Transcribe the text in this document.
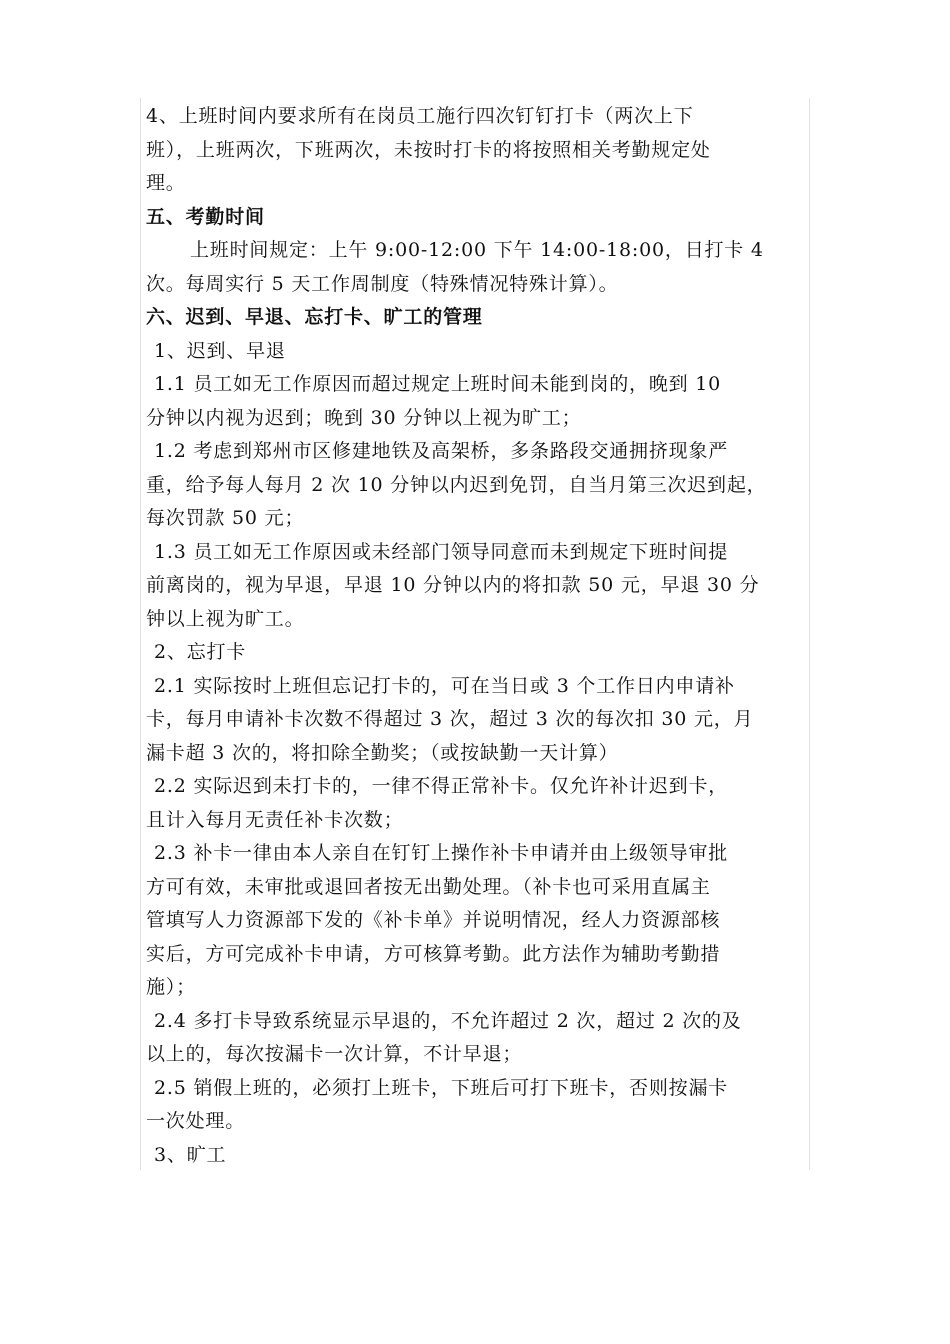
4、上班时间内要求所有在岗员工施行四次钉钉打卡（两次上下
班），上班两次，下班两次，未按时打卡的将按照相关考勤规定处
理。
五、考勤时间
上班时间规定：上午 9:00-12:00 下午 14:00-18:00，日打卡 4
次。每周实行 5 天工作周制度（特殊情况特殊计算）。
六、迟到、早退、忘打卡、旷工的管理
1、迟到、早退
1.1 员工如无工作原因而超过规定上班时间未能到岗的，晚到 10
分钟以内视为迟到；晚到 30 分钟以上视为旷工；
1.2 考虑到郑州市区修建地铁及高架桥，多条路段交通拥挤现象严
重，给予每人每月 2 次 10 分钟以内迟到免罚，自当月第三次迟到起，
每次罚款 50 元；
1.3 员工如无工作原因或未经部门领导同意而未到规定下班时间提
前离岗的，视为早退，早退 10 分钟以内的将扣款 50 元，早退 30 分
钟以上视为旷工。
2、忘打卡
2.1 实际按时上班但忘记打卡的，可在当日或 3 个工作日内申请补
卡，每月申请补卡次数不得超过 3 次，超过 3 次的每次扣 30 元，月
漏卡超 3 次的，将扣除全勤奖；（或按缺勤一天计算）
2.2 实际迟到未打卡的，一律不得正常补卡。仅允许补计迟到卡，
且计入每月无责任补卡次数；
2.3 补卡一律由本人亲自在钉钉上操作补卡申请并由上级领导审批
方可有效，未审批或退回者按无出勤处理。（补卡也可采用直属主
管填写人力资源部下发的《补卡单》并说明情况，经人力资源部核
实后，方可完成补卡申请，方可核算考勤。此方法作为辅助考勤措
施）；
2.4 多打卡导致系统显示早退的，不允许超过 2 次，超过 2 次的及
以上的，每次按漏卡一次计算，不计早退；
2.5 销假上班的，必须打上班卡，下班后可打下班卡，否则按漏卡
一次处理。
3、旷工
